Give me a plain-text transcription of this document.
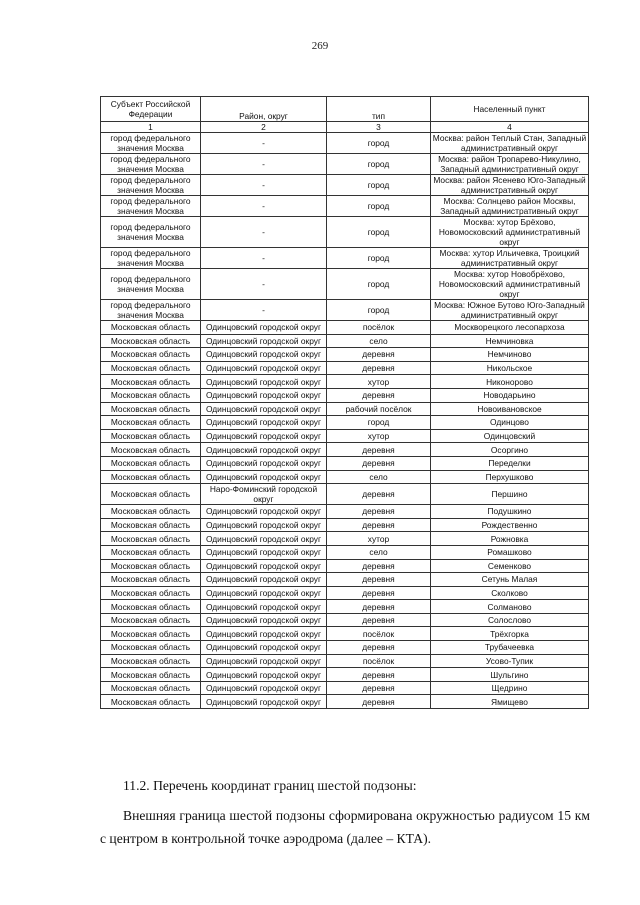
269
Субъект Российской Федерации	Район, округ	тип	Населенный пункт
1	2	3	4
город федерального значения Москва	-	город	Москва: район Теплый Стан, Западный административный округ
город федерального значения Москва	-	город	Москва: район Тропарево-Никулино, Западный административный округ
город федерального значения Москва	-	город	Москва: район Ясенево Юго-Западный административный округ
город федерального значения Москва	-	город	Москва: Солнцево район Москвы, Западный административный округ
город федерального значения Москва	-	город	Москва: хутор Брёхово, Новомосковский административный округ
город федерального значения Москва	-	город	Москва: хутор Ильичевка, Троицкий административный округ
город федерального значения Москва	-	город	Москва: хутор Новобрёхово, Новомосковский административный округ
город федерального значения Москва	-	город	Москва: Южное Бутово Юго-Западный административный округ
Московская область	Одинцовский городской округ	посёлок	Москворецкого лесопархоза
Московская область	Одинцовский городской округ	село	Немчиновка
Московская область	Одинцовский городской округ	деревня	Немчиново
Московская область	Одинцовский городской округ	деревня	Никольское
Московская область	Одинцовский городской округ	хутор	Никонорово
Московская область	Одинцовский городской округ	деревня	Новодарьино
Московская область	Одинцовский городской округ	рабочий посёлок	Новоивановское
Московская область	Одинцовский городской округ	город	Одинцово
Московская область	Одинцовский городской округ	хутор	Одинцовский
Московская область	Одинцовский городской округ	деревня	Осоргино
Московская область	Одинцовский городской округ	деревня	Переделки
Московская область	Одинцовский городской округ	село	Перхушково
Московская область	Наро-Фоминский городской округ	деревня	Першино
Московская область	Одинцовский городской округ	деревня	Подушкино
Московская область	Одинцовский городской округ	деревня	Рождественно
Московская область	Одинцовский городской округ	хутор	Рожновка
Московская область	Одинцовский городской округ	село	Ромашково
Московская область	Одинцовский городской округ	деревня	Семенково
Московская область	Одинцовский городской округ	деревня	Сетунь Малая
Московская область	Одинцовский городской округ	деревня	Сколково
Московская область	Одинцовский городской округ	деревня	Солманово
Московская область	Одинцовский городской округ	деревня	Солослово
Московская область	Одинцовский городской округ	посёлок	Трёхгорка
Московская область	Одинцовский городской округ	деревня	Трубачеевка
Московская область	Одинцовский городской округ	посёлок	Усово-Тупик
Московская область	Одинцовский городской округ	деревня	Шульгино
Московская область	Одинцовский городской округ	деревня	Щедрино
Московская область	Одинцовский городской округ	деревня	Ямищево
11.2. Перечень координат границ шестой подзоны:
Внешняя граница шестой подзоны сформирована окружностью радиусом 15 км с центром в контрольной точке аэродрома (далее – КТА).
